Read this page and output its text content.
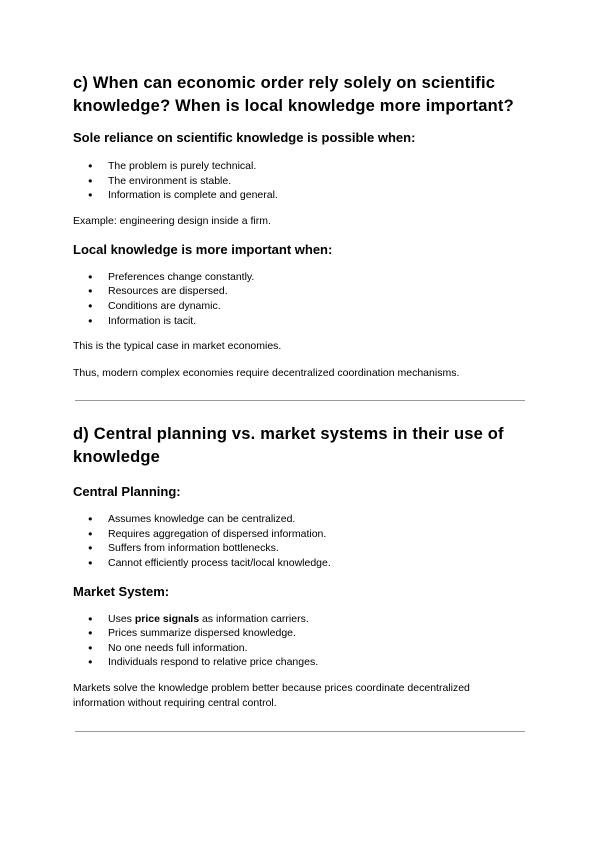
c) When can economic order rely solely on scientific knowledge? When is local knowledge more important?
Sole reliance on scientific knowledge is possible when:
● The problem is purely technical.
● The environment is stable.
● Information is complete and general.

Example: engineering design inside a firm.

Local knowledge is more important when:
● Preferences change constantly.
● Resources are dispersed.
● Conditions are dynamic.
● Information is tacit.

This is the typical case in market economies.

Thus, modern complex economies require decentralized coordination mechanisms.

d) Central planning vs. market systems in their use of knowledge
Central Planning:
● Assumes knowledge can be centralized.
● Requires aggregation of dispersed information.
● Suffers from information bottlenecks.
● Cannot efficiently process tacit/local knowledge.
Market System:
● Uses price signals as information carriers.
● Prices summarize dispersed knowledge.
● No one needs full information.
● Individuals respond to relative price changes.

Markets solve the knowledge problem better because prices coordinate decentralized information without requiring central control.
